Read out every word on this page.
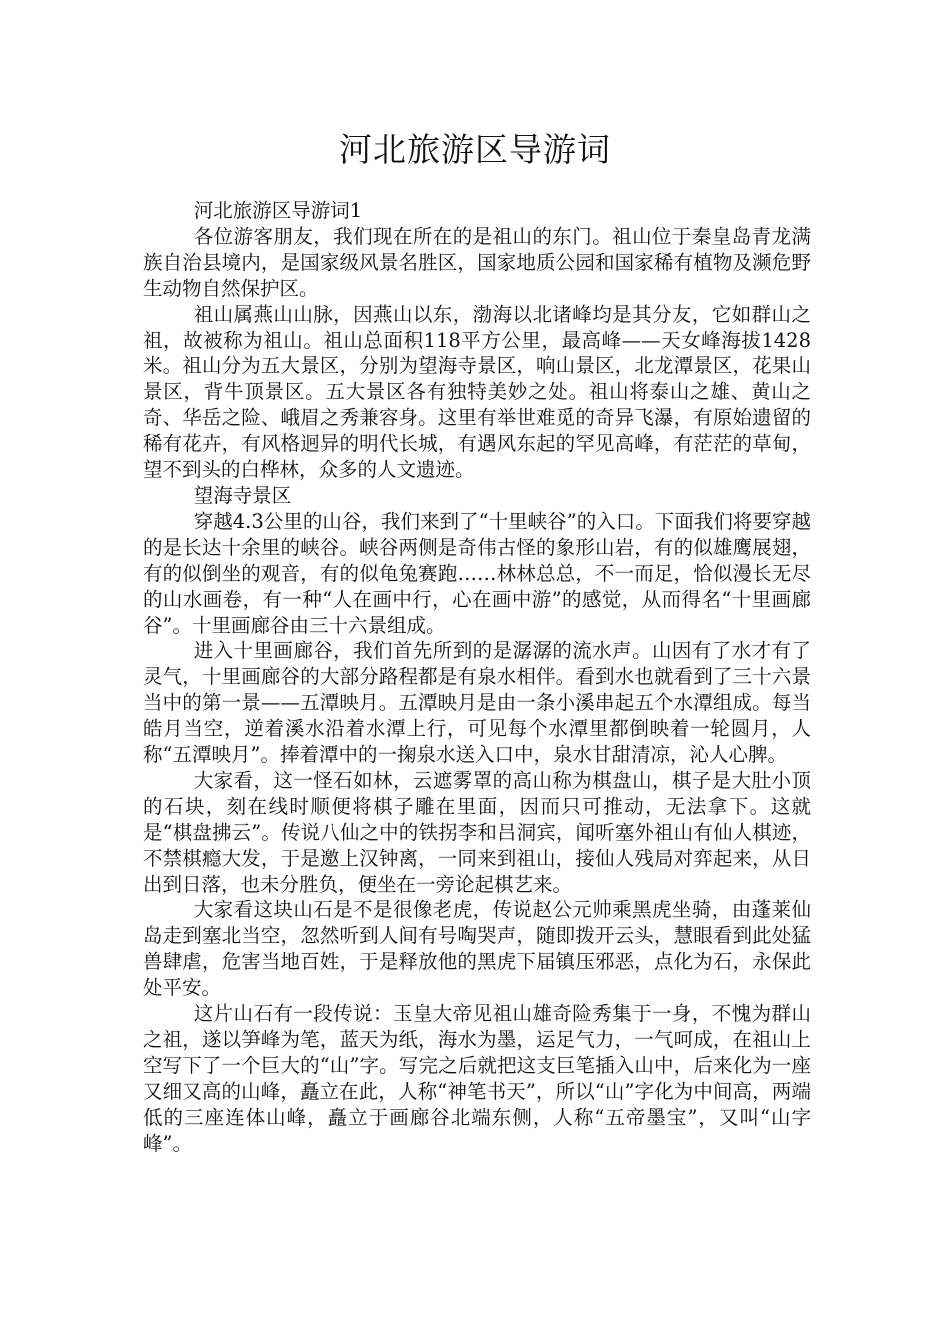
河北旅游区导游词

河北旅游区导游词1

各位游客朋友，我们现在所在的是祖山的东门。祖山位于秦皇岛青龙满族自治县境内，是国家级风景名胜区，国家地质公园和国家稀有植物及濒危野生动物自然保护区。

祖山属燕山山脉，因燕山以东，渤海以北诸峰均是其分友，它如群山之祖，故被称为祖山。祖山总面积118平方公里，最高峰——天女峰海拔1428米。祖山分为五大景区，分别为望海寺景区，响山景区，北龙潭景区，花果山景区，背牛顶景区。五大景区各有独特美妙之处。祖山将泰山之雄、黄山之奇、华岳之险、峨眉之秀兼容身。这里有举世难觅的奇异飞瀑，有原始遗留的稀有花卉，有风格迥异的明代长城，有遇风东起的罕见高峰，有茫茫的草甸，望不到头的白桦林，众多的人文遗迹。

望海寺景区

穿越4.3公里的山谷，我们来到了“十里峡谷”的入口。下面我们将要穿越的是长达十余里的峡谷。峡谷两侧是奇伟古怪的象形山岩，有的似雄鹰展翅，有的似倒坐的观音，有的似龟兔赛跑……林林总总，不一而足，恰似漫长无尽的山水画卷，有一种“人在画中行，心在画中游”的感觉，从而得名“十里画廊谷”。十里画廊谷由三十六景组成。

进入十里画廊谷，我们首先所到的是潺潺的流水声。山因有了水才有了灵气，十里画廊谷的大部分路程都是有泉水相伴。看到水也就看到了三十六景当中的第一景——五潭映月。五潭映月是由一条小溪串起五个水潭组成。每当皓月当空，逆着溪水沿着水潭上行，可见每个水潭里都倒映着一轮圆月，人称“五潭映月”。捧着潭中的一掬泉水送入口中，泉水甘甜清凉，沁人心脾。

大家看，这一怪石如林，云遮雾罩的高山称为棋盘山，棋子是大肚小顶的石块，刻在线时顺便将棋子雕在里面，因而只可推动，无法拿下。这就是“棋盘拂云”。传说八仙之中的铁拐李和吕洞宾，闻听塞外祖山有仙人棋迹，不禁棋瘾大发，于是邀上汉钟离，一同来到祖山，接仙人残局对弈起来，从日出到日落，也未分胜负，便坐在一旁论起棋艺来。

大家看这块山石是不是很像老虎，传说赵公元帅乘黑虎坐骑，由蓬莱仙岛走到塞北当空，忽然听到人间有号啕哭声，随即拨开云头，慧眼看到此处猛兽肆虐，危害当地百姓，于是释放他的黑虎下届镇压邪恶，点化为石，永保此处平安。

这片山石有一段传说：玉皇大帝见祖山雄奇险秀集于一身，不愧为群山之祖，遂以笋峰为笔，蓝天为纸，海水为墨，运足气力，一气呵成，在祖山上空写下了一个巨大的“山”字。写完之后就把这支巨笔插入山中，后来化为一座又细又高的山峰，矗立在此，人称“神笔书天”，所以“山”字化为中间高，两端低的三座连体山峰，矗立于画廊谷北端东侧，人称“五帝墨宝”，又叫“山字峰”。
